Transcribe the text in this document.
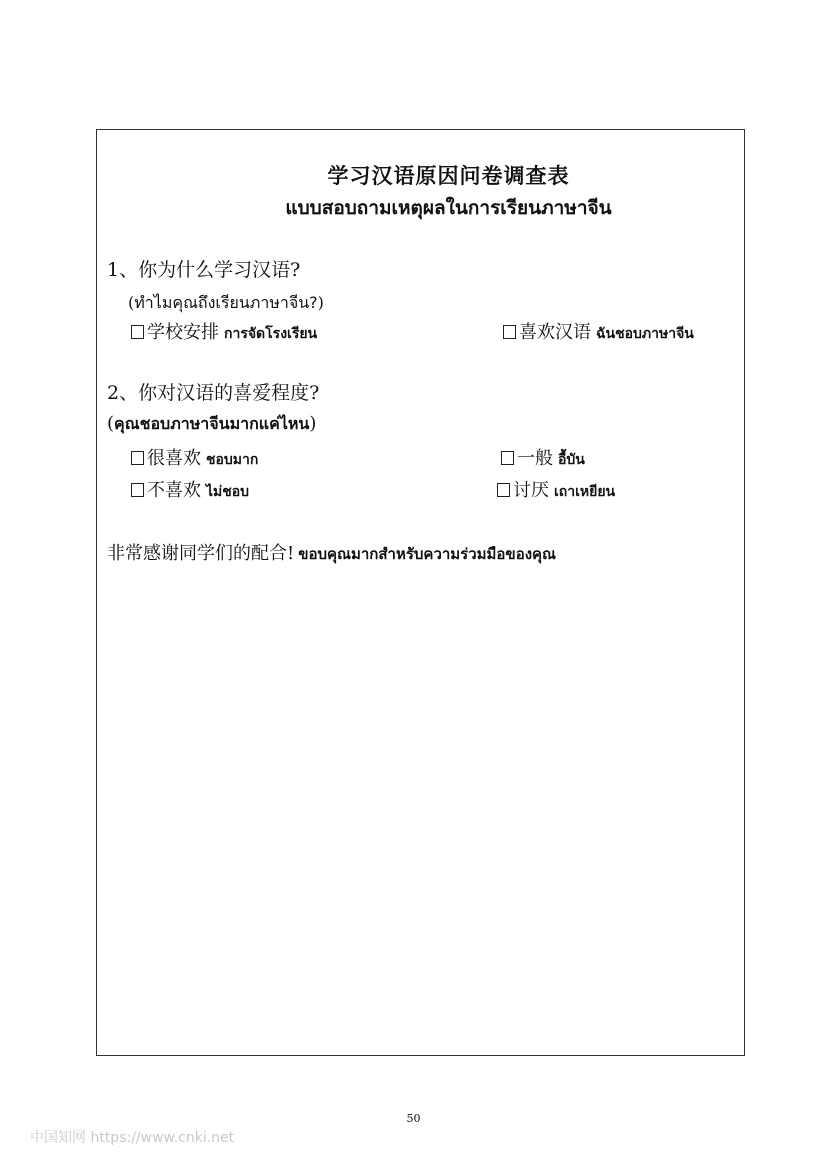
学习汉语原因问卷调查表
แบบสอบถามเหตุผลในการเรียนภาษาจีน
1、你为什么学习汉语?
(ทำไมคุณถึงเรียนภาษาจีน?)
学校安排 การจัดโรงเรียน	喜欢汉语 ฉันชอบภาษาจีน
2、你对汉语的喜爱程度?
(คุณชอบภาษาจีนมากแค่ไหน)
很喜欢 ชอบมาก	一般 อื้บัน
不喜欢 ไม่ชอบ	讨厌 เถาเหยียน
非常感谢同学们的配合! ขอบคุณมากสำหรับความร่วมมือของคุณ
50
中国知网 https://www.cnki.net
